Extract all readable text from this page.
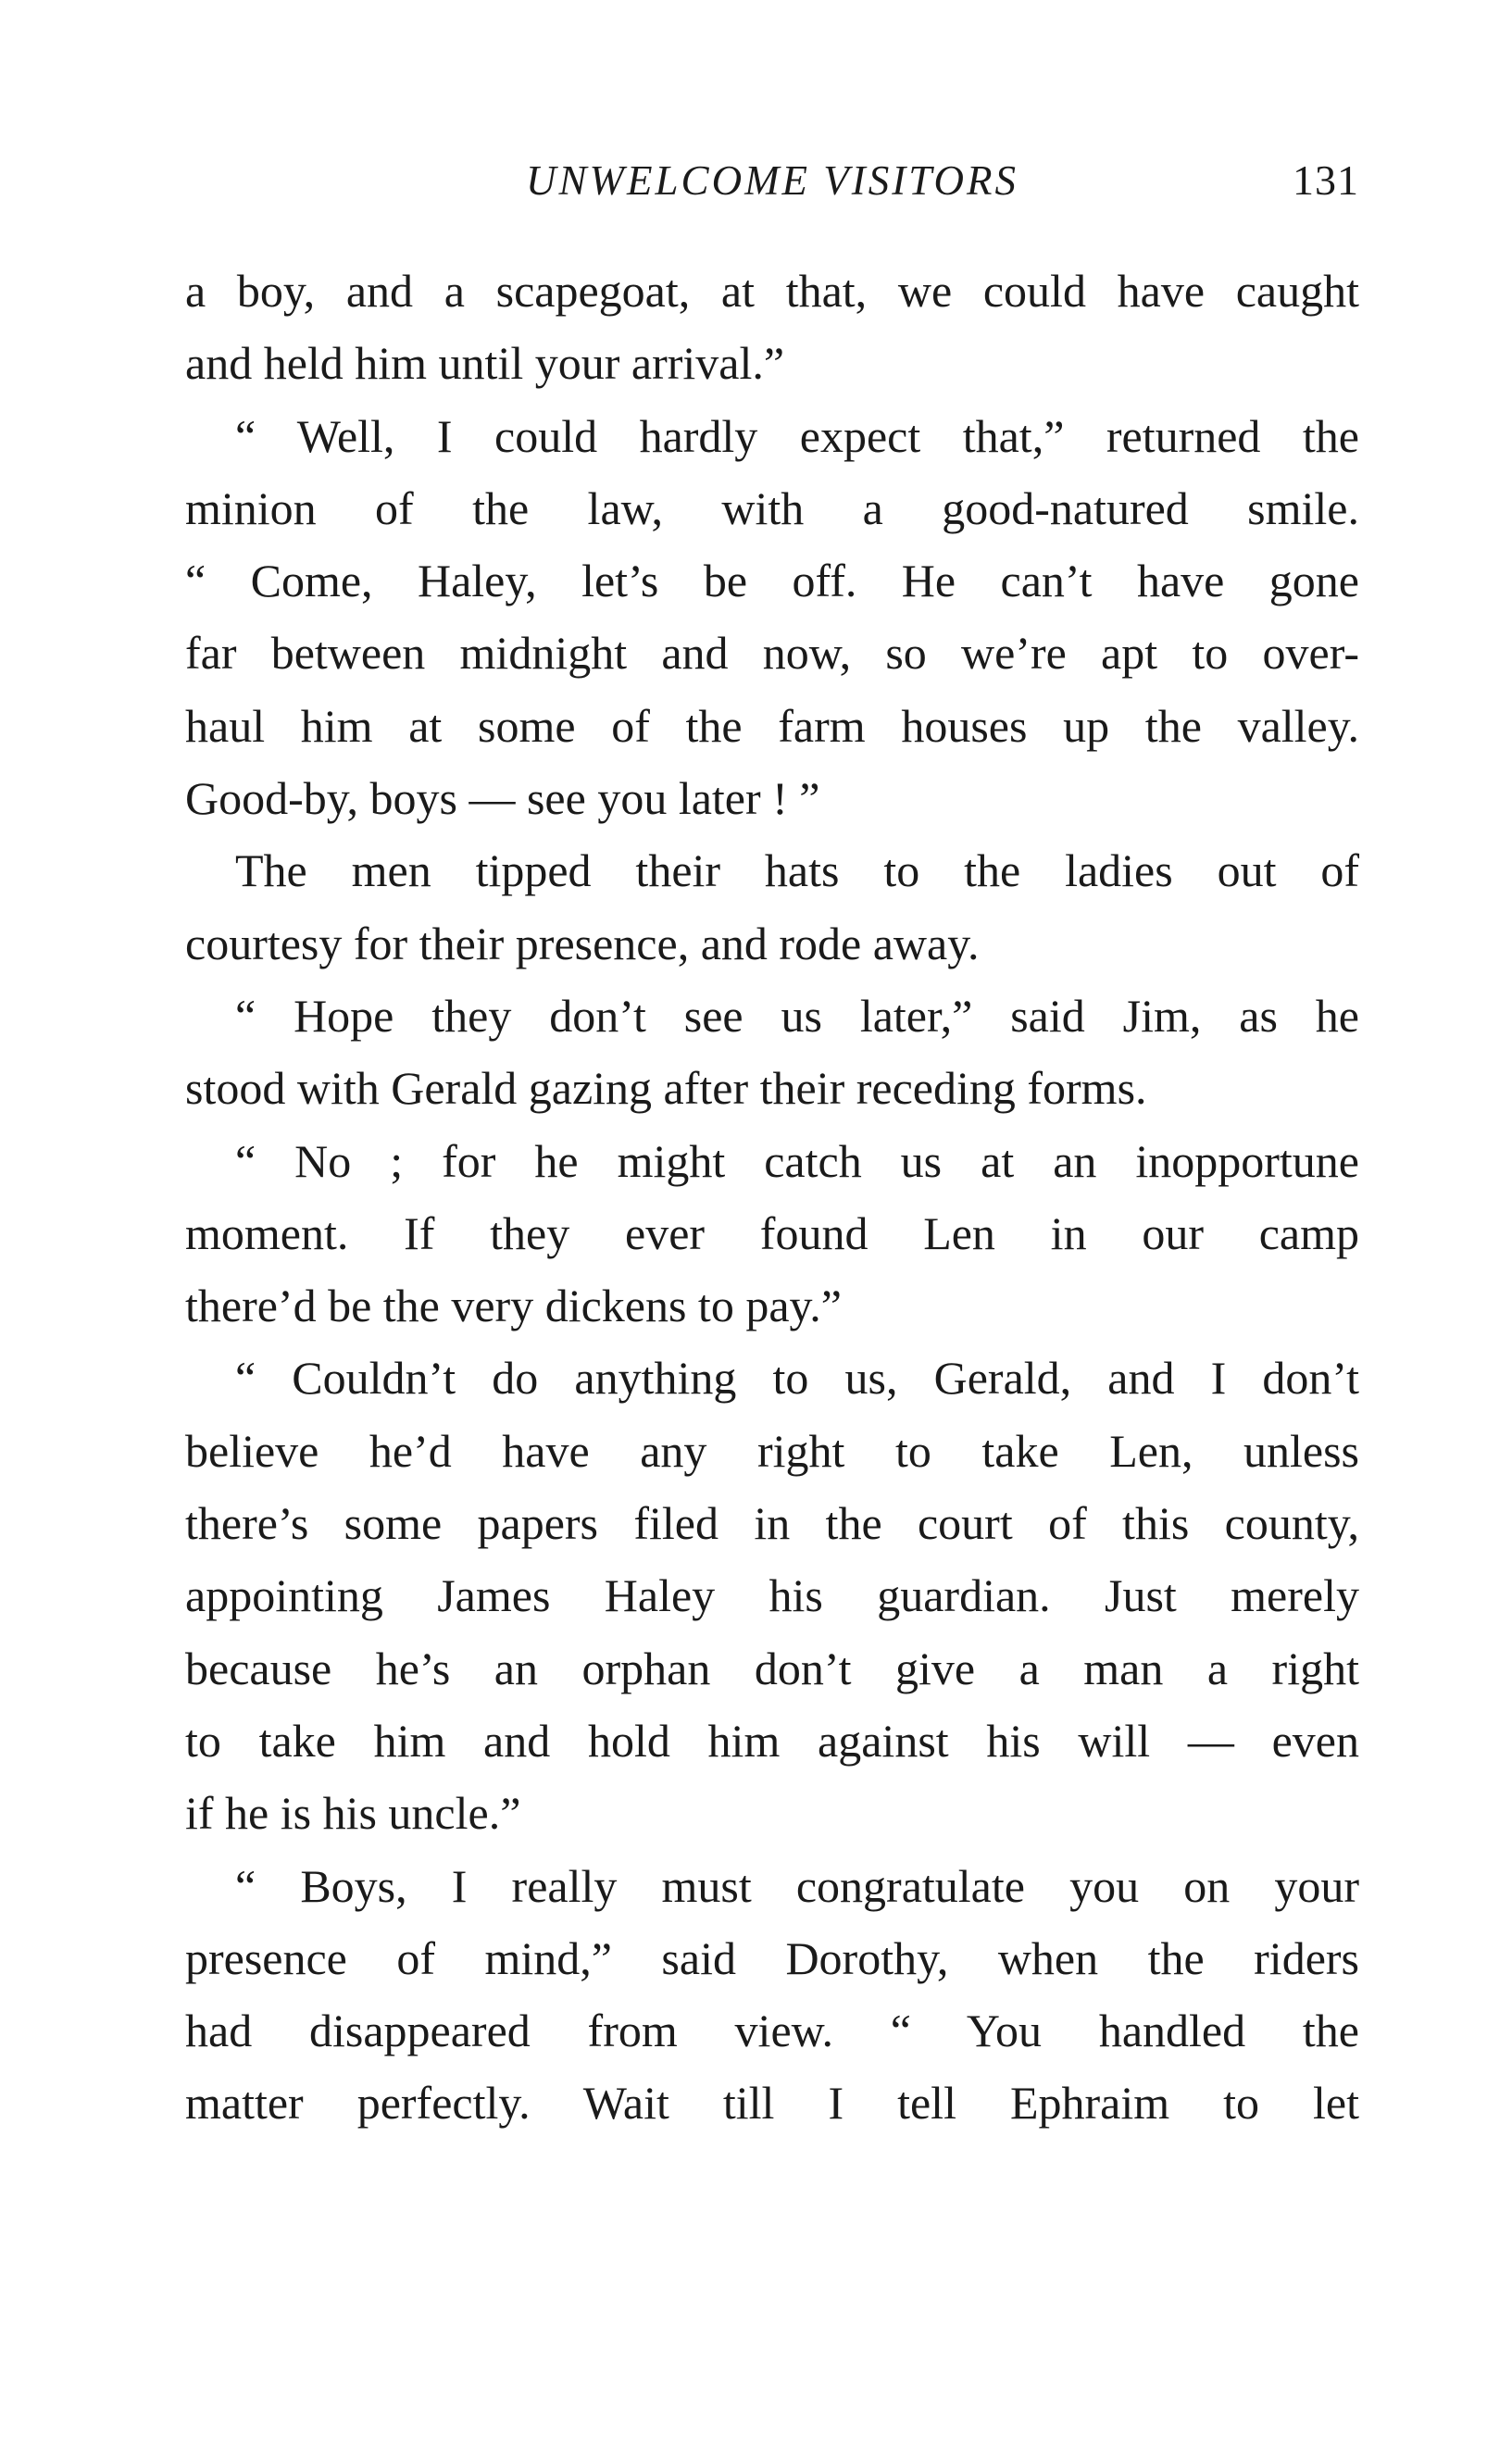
UNWELCOME VISITORS	131
a boy, and a scapegoat, at that, we could have caught
and held him until your arrival.”
“ Well, I could hardly expect that,” returned the
minion of the law, with a good-natured smile.
“ Come, Haley, let’s be off. He can’t have gone
far between midnight and now, so we’re apt to over-
haul him at some of the farm houses up the valley.
Good-by, boys — see you later ! ”
The men tipped their hats to the ladies out of
courtesy for their presence, and rode away.
“ Hope they don’t see us later,” said Jim, as he
stood with Gerald gazing after their receding forms.
“ No ; for he might catch us at an inopportune
moment. If they ever found Len in our camp
there’d be the very dickens to pay.”
“ Couldn’t do anything to us, Gerald, and I don’t
believe he’d have any right to take Len, unless
there’s some papers filed in the court of this county,
appointing James Haley his guardian. Just merely
because he’s an orphan don’t give a man a right
to take him and hold him against his will — even
if he is his uncle.”
“ Boys, I really must congratulate you on your
presence of mind,” said Dorothy, when the riders
had disappeared from view. “ You handled the
matter perfectly. Wait till I tell Ephraim to let
